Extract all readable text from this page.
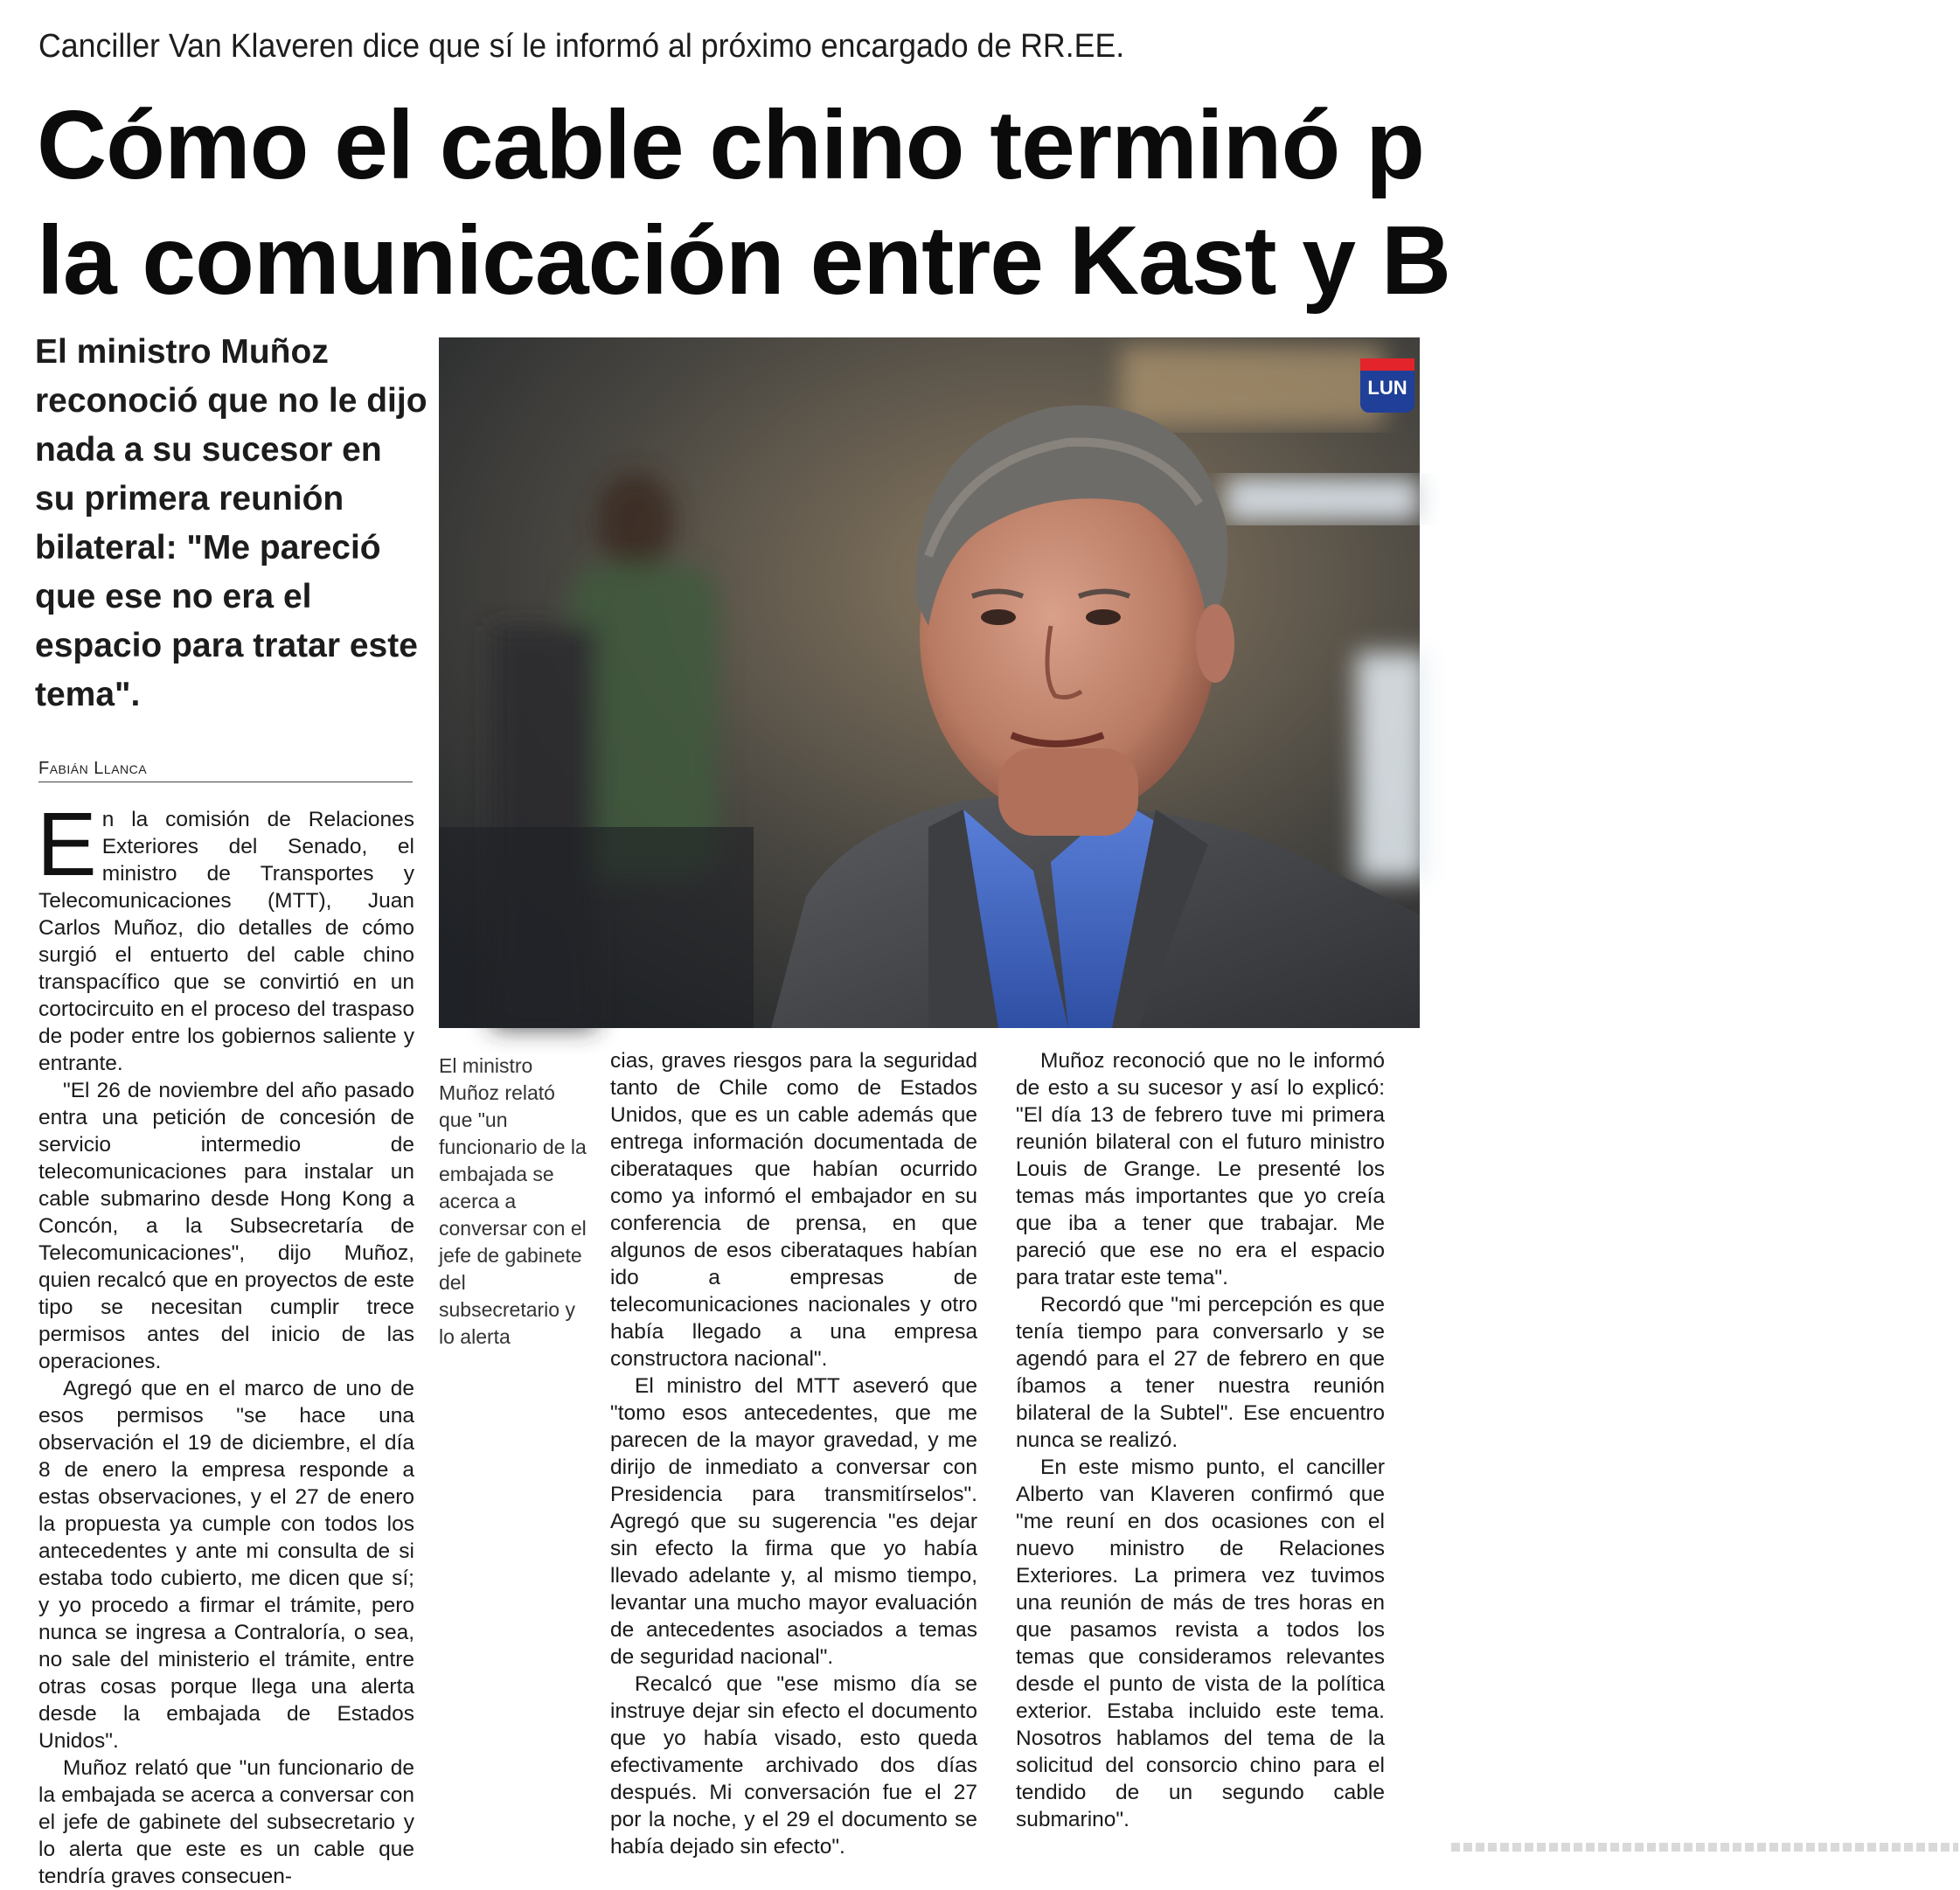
Canciller Van Klaveren dice que sí le informó al próximo encargado de RR.EE.
Cómo el cable chino terminó p
la comunicación entre Kast y B
El ministro Muñoz reconoció que no le dijo nada a su sucesor en su primera reunión bilateral: "Me pareció que ese no era el espacio para tratar este tema".
Fabián Llanca
LUN
El ministro Muñoz relató que "un funcionario de la embajada se acerca a conversar con el jefe de gabinete del subsecretario y lo alerta

En la comisión de Relaciones Exteriores del Senado, el ministro de Transportes y Telecomunicaciones (MTT), Juan Carlos Muñoz, dio detalles de cómo surgió el entuerto del cable chino transpacífico que se convirtió en un cortocircuito en el proceso del traspaso de poder entre los gobiernos saliente y entrante.

"El 26 de noviembre del año pasado entra una petición de concesión de servicio intermedio de telecomunicaciones para instalar un cable submarino desde Hong Kong a Concón, a la Subsecretaría de Telecomunicaciones", dijo Muñoz, quien recalcó que en proyectos de este tipo se necesitan cumplir trece permisos antes del inicio de las operaciones.

Agregó que en el marco de uno de esos permisos "se hace una observación el 19 de diciembre, el día 8 de enero la empresa responde a estas observaciones, y el 27 de enero la propuesta ya cumple con todos los antecedentes y ante mi consulta de si estaba todo cubierto, me dicen que sí; y yo procedo a firmar el trámite, pero nunca se ingresa a Contraloría, o sea, no sale del ministerio el trámite, entre otras cosas porque llega una alerta desde la embajada de Estados Unidos".

Muñoz relató que "un funcionario de la embajada se acerca a conversar con el jefe de gabinete del subsecretario y lo alerta que este es un cable que tendría graves consecuen-

cias, graves riesgos para la seguridad tanto de Chile como de Estados Unidos, que es un cable además que entrega información documentada de ciberataques que habían ocurrido como ya informó el embajador en su conferencia de prensa, en que algunos de esos ciberataques habían ido a empresas de telecomunicaciones nacionales y otro había llegado a una empresa constructora nacional".

El ministro del MTT aseveró que "tomo esos antecedentes, que me parecen de la mayor gravedad, y me dirijo de inmediato a conversar con Presidencia para transmitírselos". Agregó que su sugerencia "es dejar sin efecto la firma que yo había llevado adelante y, al mismo tiempo, levantar una mucho mayor evaluación de antecedentes asociados a temas de seguridad nacional".

Recalcó que "ese mismo día se instruye dejar sin efecto el documento que yo había visado, esto queda efectivamente archivado dos días después. Mi conversación fue el 27 por la noche, y el 29 el documento se había dejado sin efecto".

Muñoz reconoció que no le informó de esto a su sucesor y así lo explicó: "El día 13 de febrero tuve mi primera reunión bilateral con el futuro ministro Louis de Grange. Le presenté los temas más importantes que yo creía que iba a tener que trabajar. Me pareció que ese no era el espacio para tratar este tema".

Recordó que "mi percepción es que tenía tiempo para conversarlo y se agendó para el 27 de febrero en que íbamos a tener nuestra reunión bilateral de la Subtel". Ese encuentro nunca se realizó.

En este mismo punto, el canciller Alberto van Klaveren confirmó que "me reuní en dos ocasiones con el nuevo ministro de Relaciones Exteriores. La primera vez tuvimos una reunión de más de tres horas en que pasamos revista a todos los temas que consideramos relevantes desde el punto de vista de la política exterior. Estaba incluido este tema. Nosotros hablamos del tema de la solicitud del consorcio chino para el tendido de un segundo cable submarino".
